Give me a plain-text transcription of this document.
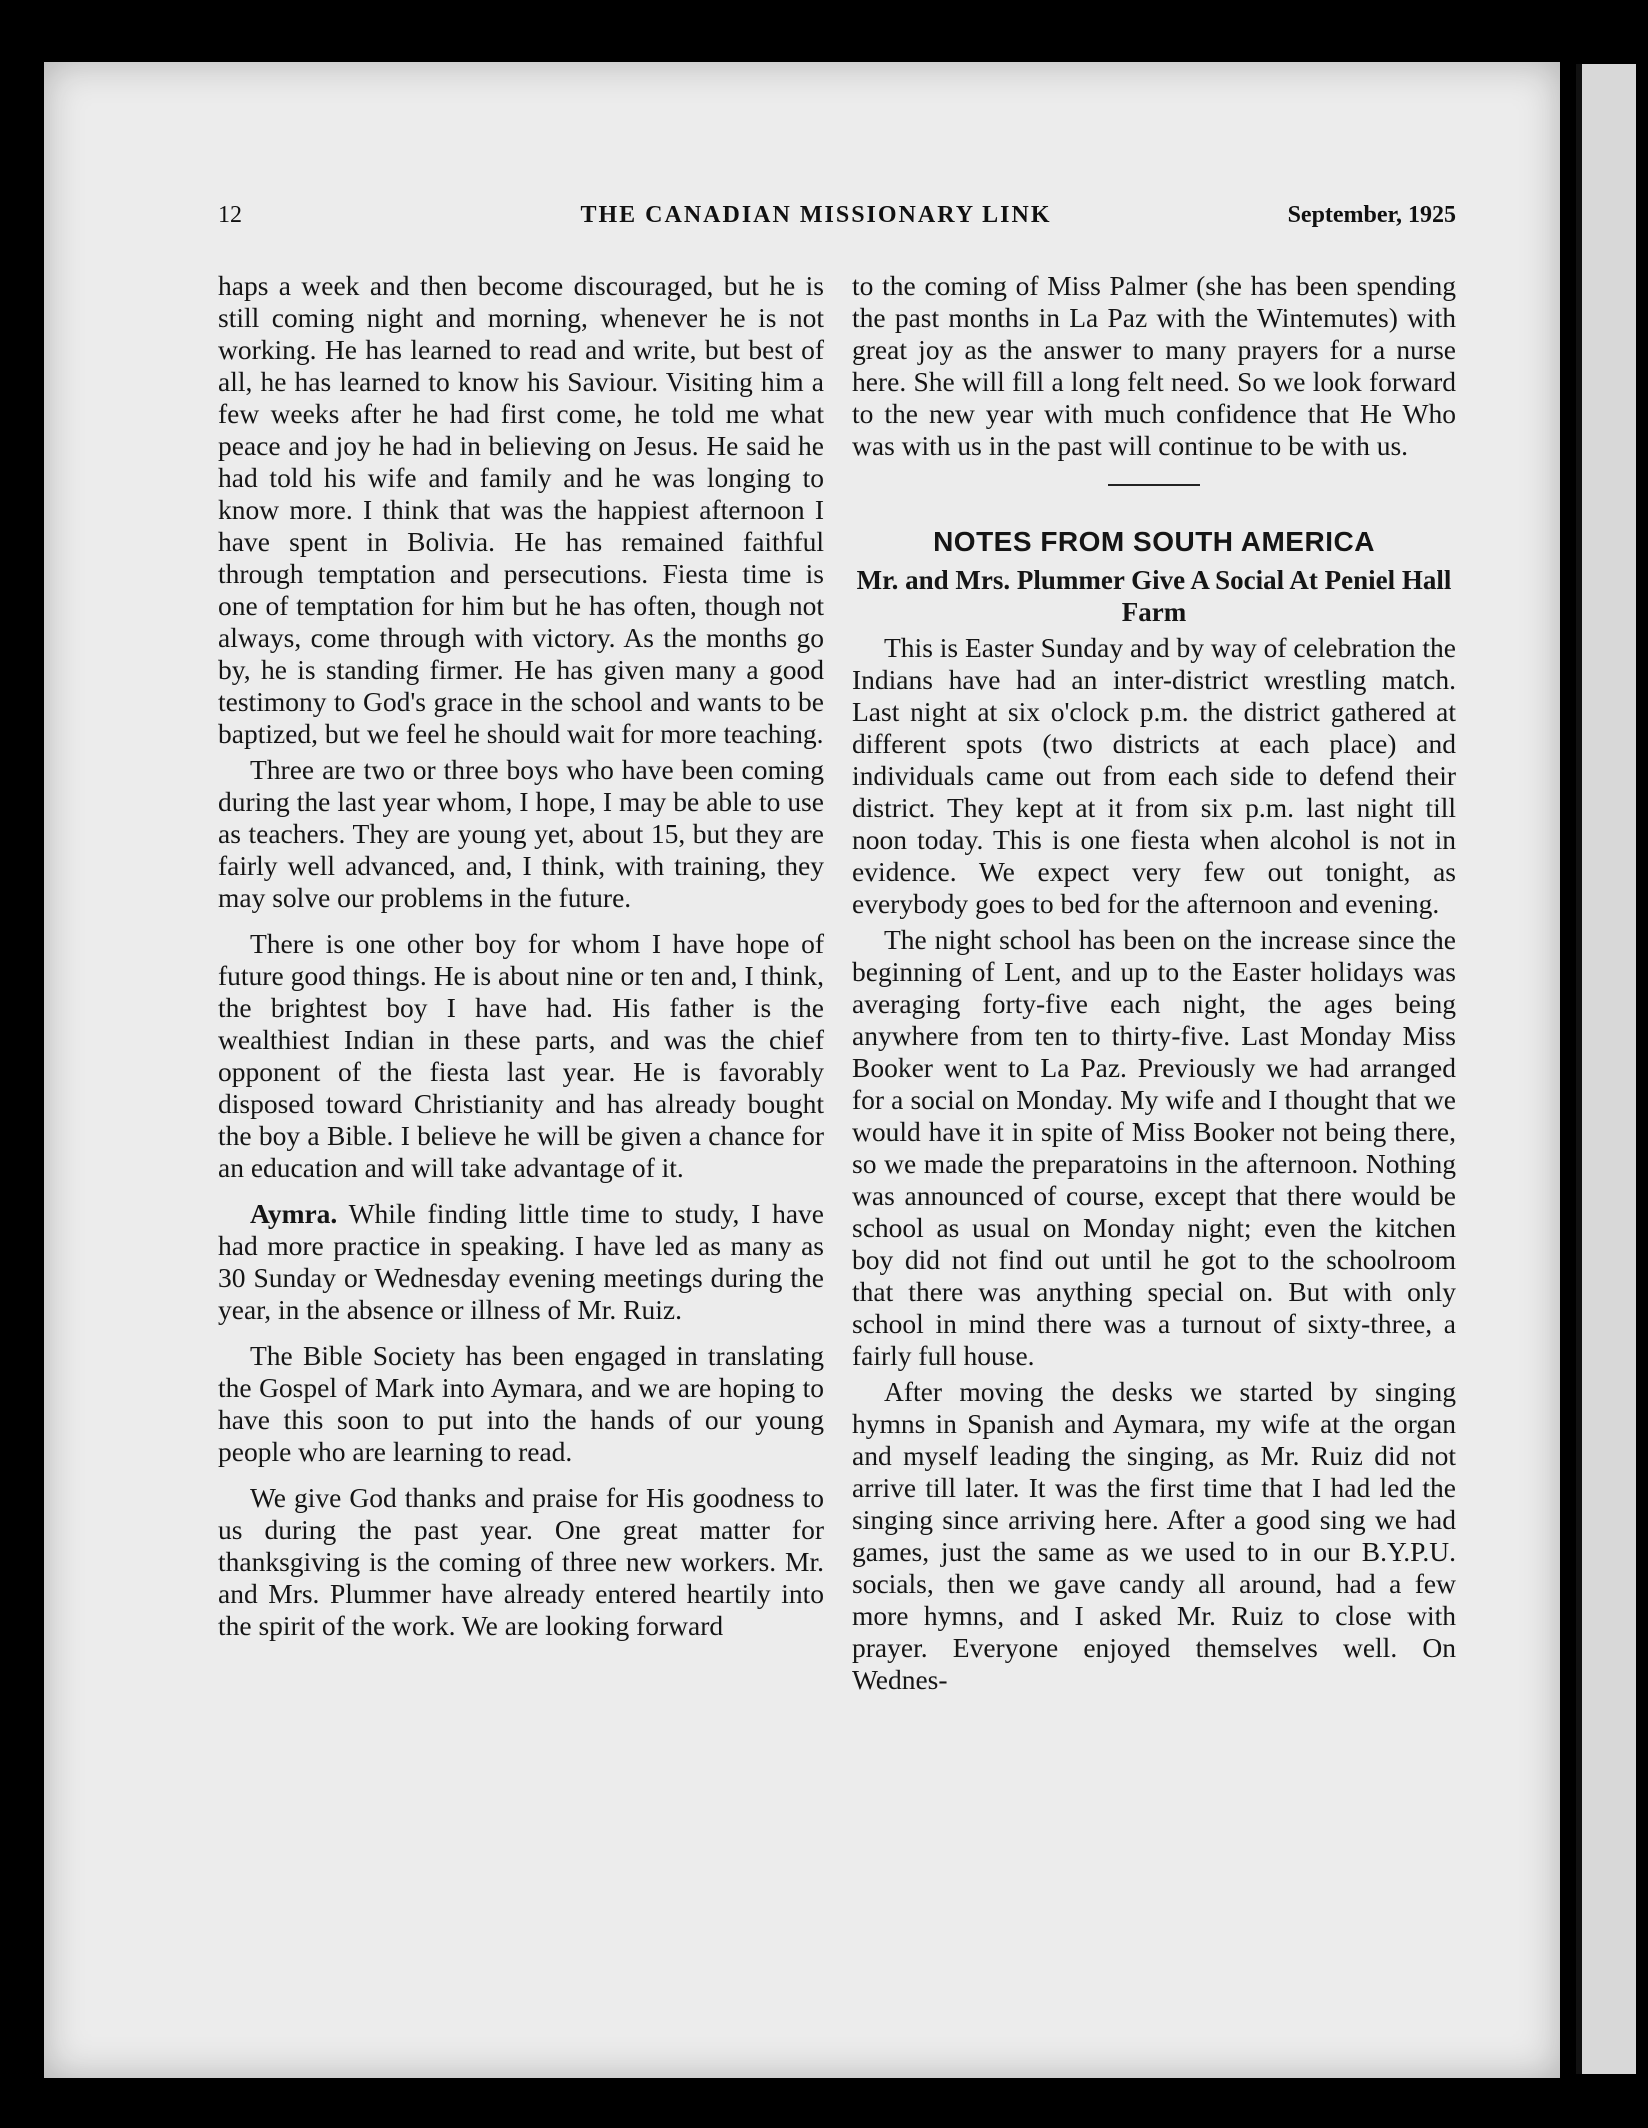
12	THE CANADIAN MISSIONARY LINK	September, 1925

haps a week and then become discouraged, but he is still coming night and morning, whenever he is not working. He has learned to read and write, but best of all, he has learned to know his Saviour. Visiting him a few weeks after he had first come, he told me what peace and joy he had in believing on Jesus. He said he had told his wife and family and he was longing to know more. I think that was the happiest afternoon I have spent in Bolivia. He has remained faithful through temptation and persecutions. Fiesta time is one of temptation for him but he has often, though not always, come through with victory. As the months go by, he is standing firmer. He has given many a good testimony to God's grace in the school and wants to be baptized, but we feel he should wait for more teaching.

Three are two or three boys who have been coming during the last year whom, I hope, I may be able to use as teachers. They are young yet, about 15, but they are fairly well advanced, and, I think, with training, they may solve our problems in the future.

There is one other boy for whom I have hope of future good things. He is about nine or ten and, I think, the brightest boy I have had. His father is the wealthiest Indian in these parts, and was the chief opponent of the fiesta last year. He is favorably disposed toward Christianity and has already bought the boy a Bible. I believe he will be given a chance for an education and will take advantage of it.

Aymra. While finding little time to study, I have had more practice in speaking. I have led as many as 30 Sunday or Wednesday evening meetings during the year, in the absence or illness of Mr. Ruiz.

The Bible Society has been engaged in translating the Gospel of Mark into Aymara, and we are hoping to have this soon to put into the hands of our young people who are learning to read.

We give God thanks and praise for His goodness to us during the past year. One great matter for thanksgiving is the coming of three new workers. Mr. and Mrs. Plummer have already entered heartily into the spirit of the work. We are looking forward

to the coming of Miss Palmer (she has been spending the past months in La Paz with the Wintemutes) with great joy as the answer to many prayers for a nurse here. She will fill a long felt need. So we look forward to the new year with much confidence that He Who was with us in the past will continue to be with us.

NOTES FROM SOUTH AMERICA
Mr. and Mrs. Plummer Give A Social At Peniel Hall Farm

This is Easter Sunday and by way of celebration the Indians have had an inter-district wrestling match. Last night at six o'clock p.m. the district gathered at different spots (two districts at each place) and individuals came out from each side to defend their district. They kept at it from six p.m. last night till noon today. This is one fiesta when alcohol is not in evidence. We expect very few out tonight, as everybody goes to bed for the afternoon and evening.

The night school has been on the increase since the beginning of Lent, and up to the Easter holidays was averaging forty-five each night, the ages being anywhere from ten to thirty-five. Last Monday Miss Booker went to La Paz. Previously we had arranged for a social on Monday. My wife and I thought that we would have it in spite of Miss Booker not being there, so we made the preparatoins in the afternoon. Nothing was announced of course, except that there would be school as usual on Monday night; even the kitchen boy did not find out until he got to the schoolroom that there was anything special on. But with only school in mind there was a turnout of sixty-three, a fairly full house.

After moving the desks we started by singing hymns in Spanish and Aymara, my wife at the organ and myself leading the singing, as Mr. Ruiz did not arrive till later. It was the first time that I had led the singing since arriving here. After a good sing we had games, just the same as we used to in our B.Y.P.U. socials, then we gave candy all around, had a few more hymns, and I asked Mr. Ruiz to close with prayer. Everyone enjoyed themselves well. On Wednes-
